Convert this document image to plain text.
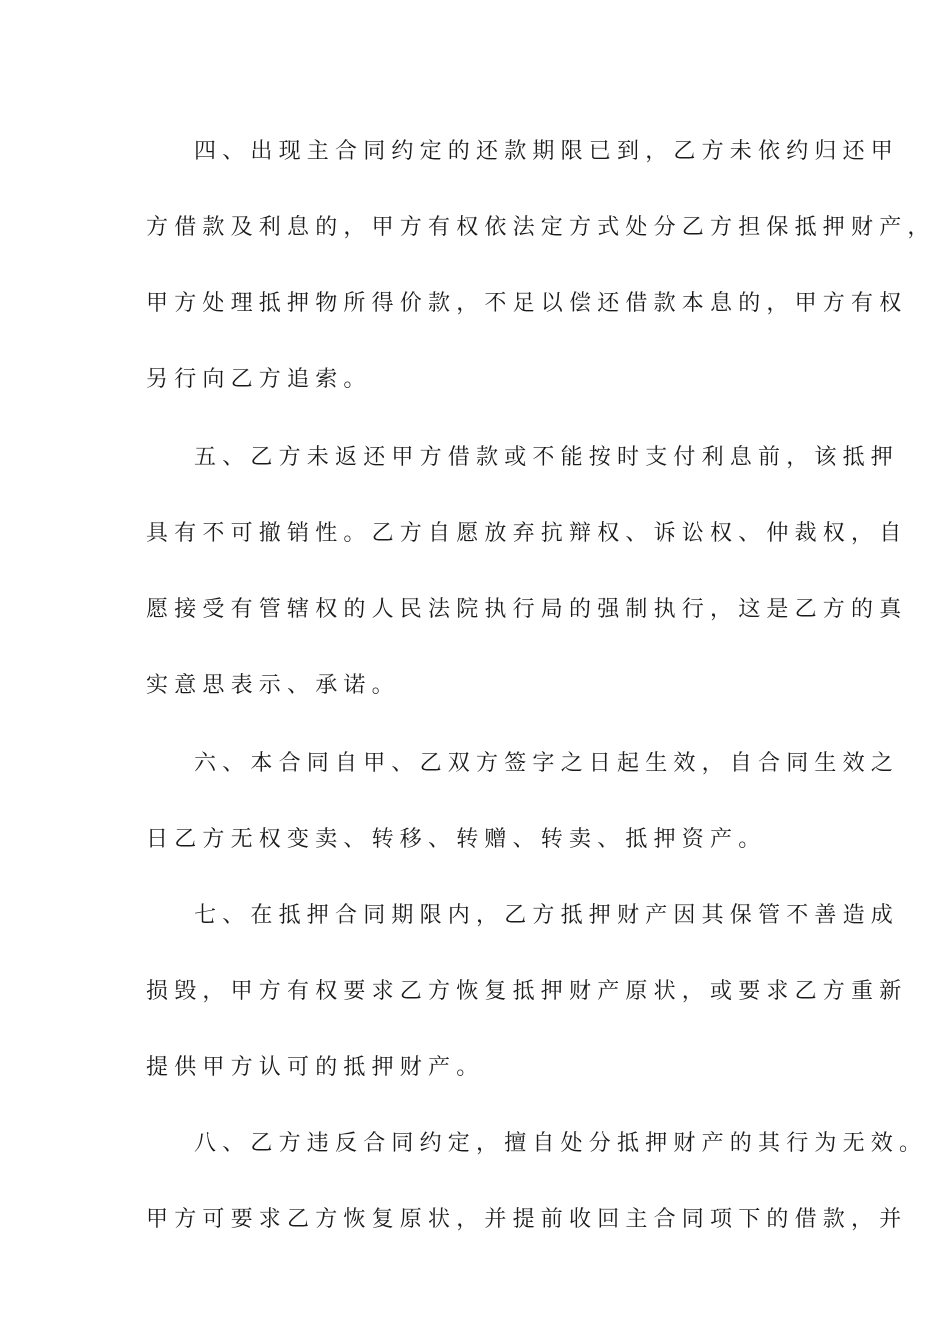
四、出现主合同约定的还款期限已到，乙方未依约归还甲
方借款及利息的，甲方有权依法定方式处分乙方担保抵押财产，
甲方处理抵押物所得价款，不足以偿还借款本息的，甲方有权
另行向乙方追索。
五、乙方未返还甲方借款或不能按时支付利息前，该抵押
具有不可撤销性。乙方自愿放弃抗辩权、诉讼权、仲裁权，自
愿接受有管辖权的人民法院执行局的强制执行，这是乙方的真
实意思表示、承诺。
六、本合同自甲、乙双方签字之日起生效，自合同生效之
日乙方无权变卖、转移、转赠、转卖、抵押资产。
七、在抵押合同期限内，乙方抵押财产因其保管不善造成
损毁，甲方有权要求乙方恢复抵押财产原状，或要求乙方重新
提供甲方认可的抵押财产。
八、乙方违反合同约定，擅自处分抵押财产的其行为无效。
甲方可要求乙方恢复原状，并提前收回主合同项下的借款，并
